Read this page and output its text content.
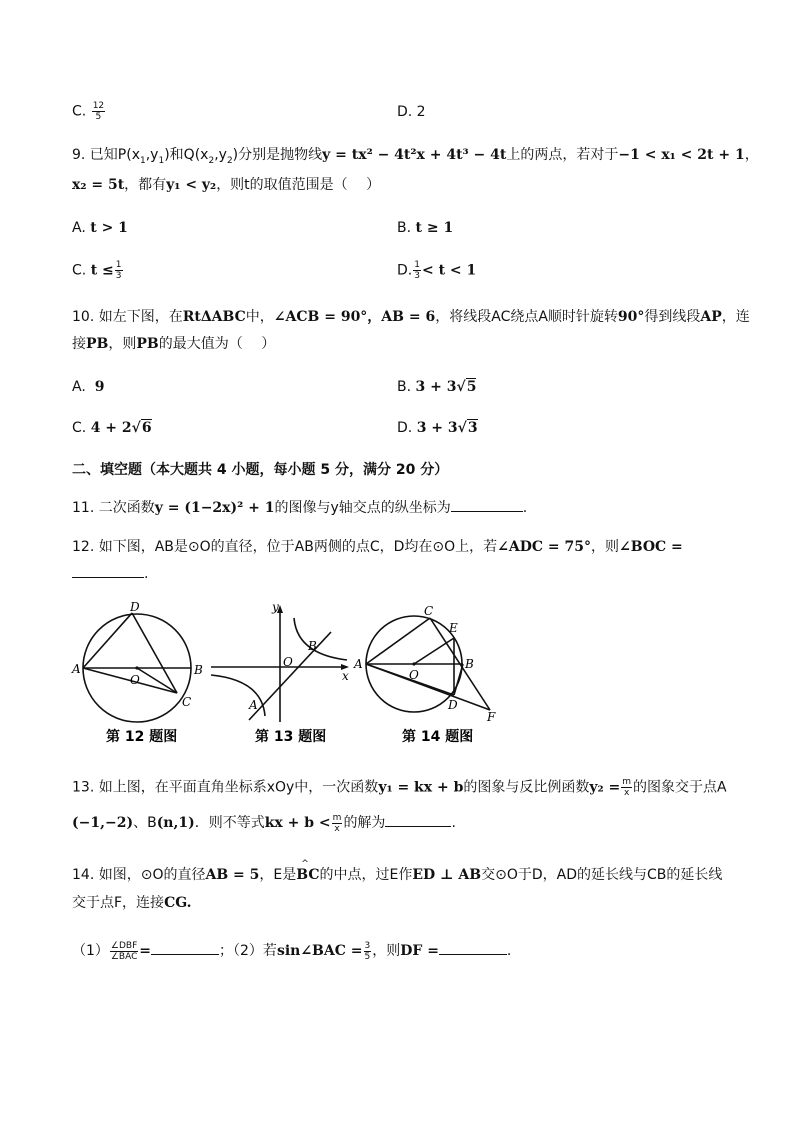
C. $\frac{12}{5}$	D. 2
9. 已知$P(x_1,y_1)$和$Q(x_2,y_2)$分别是抛物线y = tx² − 4t²x + 4t³ − 4t上的两点，若对于−1 < x₁ < 2t + 1，
x₂ = 5t，都有y₁ < y₂，则t的取值范围是（　 ）
A. t > 1	B. t ≥ 1
C. $t \le \frac{1}{3}$	D. $\frac{1}{3} < t < 1$
10. 如左下图，在RtΔABC中，∠ACB = 90°，AB = 6，将线段AC绕点A顺时针旋转90°得到线段AP，连
接PB，则PB的最大值为（　 ）
A. 9	B. 3 + 3√5
C. 4 + 2√6	D. 3 + 3√3
二、填空题（本大题共 4 小题，每小题 5 分，满分 20 分）
11. 二次函数y = (1−2x)² + 1的图像与y轴交点的纵坐标为	.
12. 如下图，AB是⊙O的直径，位于AB两侧的点C，D均在⊙O上，若∠ADC = 75°，则∠BOC =
.
D
A	B
O
C
第 12 题图
y
O
B
x
A
第 13 题图
C
E
A	B
O
D
F
第 14 题图
13. 如上图，在平面直角坐标系xOy中，一次函数y₁ = kx + b的图象与反比例函数$y_2 = \frac{m}{x}$ 的图象交于点A
(−1,−2)、B(n,1)．则不等式kx + $b < \frac{m}{x}$ 的解为	.
14. 如图，⊙O的直径AB = 5，E是
^
BC的中点，过E作ED ⊥ AB交⊙O于D，AD的延长线与CB的延长线
交于点F，连接CG.
$(1) \frac{\text{∠DBF}}{\text{∠BAC}}$ =	；（2）若sin∠BAC = $\frac{3}{5}$ ，则DF =	.
